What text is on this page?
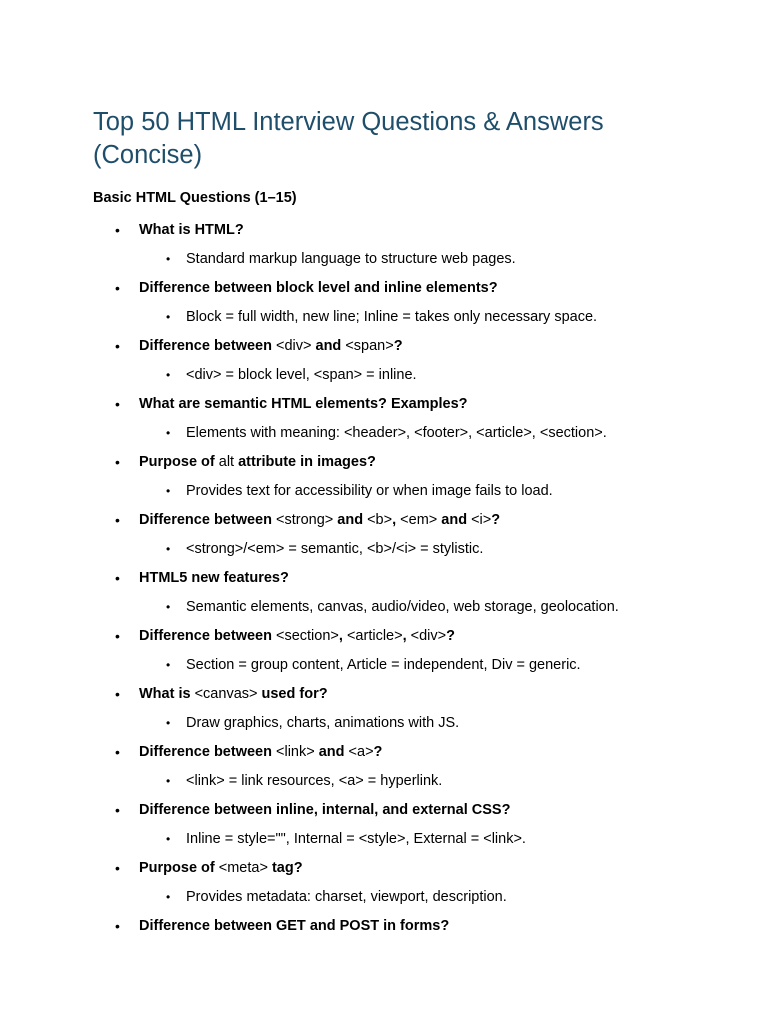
Top 50 HTML Interview Questions & Answers (Concise)
Basic HTML Questions (1–15)
• What is HTML?
• Standard markup language to structure web pages.
• Difference between block level and inline elements?
• Block = full width, new line; Inline = takes only necessary space.
• Difference between <div> and <span>?
• <div> = block level, <span> = inline.
• What are semantic HTML elements? Examples?
• Elements with meaning: <header>, <footer>, <article>, <section>.
• Purpose of alt attribute in images?
• Provides text for accessibility or when image fails to load.
• Difference between <strong> and <b>, <em> and <i>?
• <strong>/<em> = semantic, <b>/<i> = stylistic.
• HTML5 new features?
• Semantic elements, canvas, audio/video, web storage, geolocation.
• Difference between <section>, <article>, <div>?
• Section = group content, Article = independent, Div = generic.
• What is <canvas> used for?
• Draw graphics, charts, animations with JS.
• Difference between <link> and <a>?
• <link> = link resources, <a> = hyperlink.
• Difference between inline, internal, and external CSS?
• Inline = style="", Internal = <style>, External = <link>.
• Purpose of <meta> tag?
• Provides metadata: charset, viewport, description.
• Difference between GET and POST in forms?
